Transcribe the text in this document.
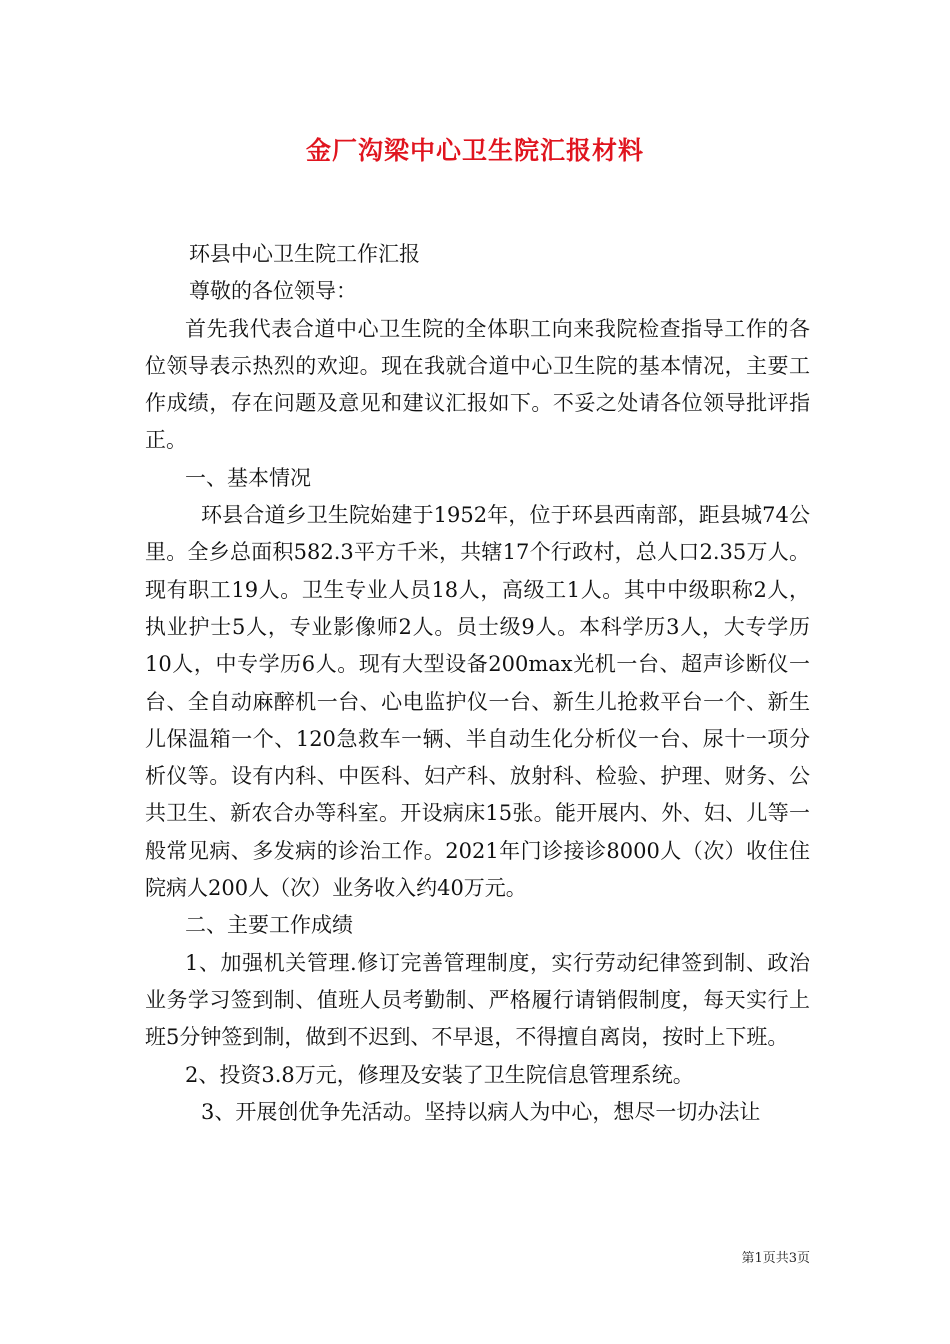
金厂沟梁中心卫生院汇报材料

环县中心卫生院工作汇报

尊敬的各位领导：

首先我代表合道中心卫生院的全体职工向来我院检查指导工作的各位领导表示热烈的欢迎。现在我就合道中心卫生院的基本情况，主要工作成绩，存在问题及意见和建议汇报如下。不妥之处请各位领导批评指正。

一、基本情况

环县合道乡卫生院始建于1952年，位于环县西南部，距县城74公里。全乡总面积582.3平方千米，共辖17个行政村，总人口2.35万人。现有职工19人。卫生专业人员18人，高级工1人。其中中级职称2人，执业护士5人，专业影像师2人。员士级9人。本科学历3人，大专学历10人，中专学历6人。现有大型设备200max光机一台、超声诊断仪一台、全自动麻醉机一台、心电监护仪一台、新生儿抢救平台一个、新生儿保温箱一个、120急救车一辆、半自动生化分析仪一台、尿十一项分析仪等。设有内科、中医科、妇产科、放射科、检验、护理、财务、公共卫生、新农合办等科室。开设病床15张。能开展内、外、妇、儿等一般常见病、多发病的诊治工作。2021年门诊接诊8000人（次）收住住院病人200人（次）业务收入约40万元。

二、主要工作成绩

1、加强机关管理.修订完善管理制度，实行劳动纪律签到制、政治业务学习签到制、值班人员考勤制、严格履行请销假制度，每天实行上班5分钟签到制，做到不迟到、不早退，不得擅自离岗，按时上下班。

2、投资3.8万元，修理及安装了卫生院信息管理系统。

3、开展创优争先活动。坚持以病人为中心，想尽一切办法让

第1页共3页
